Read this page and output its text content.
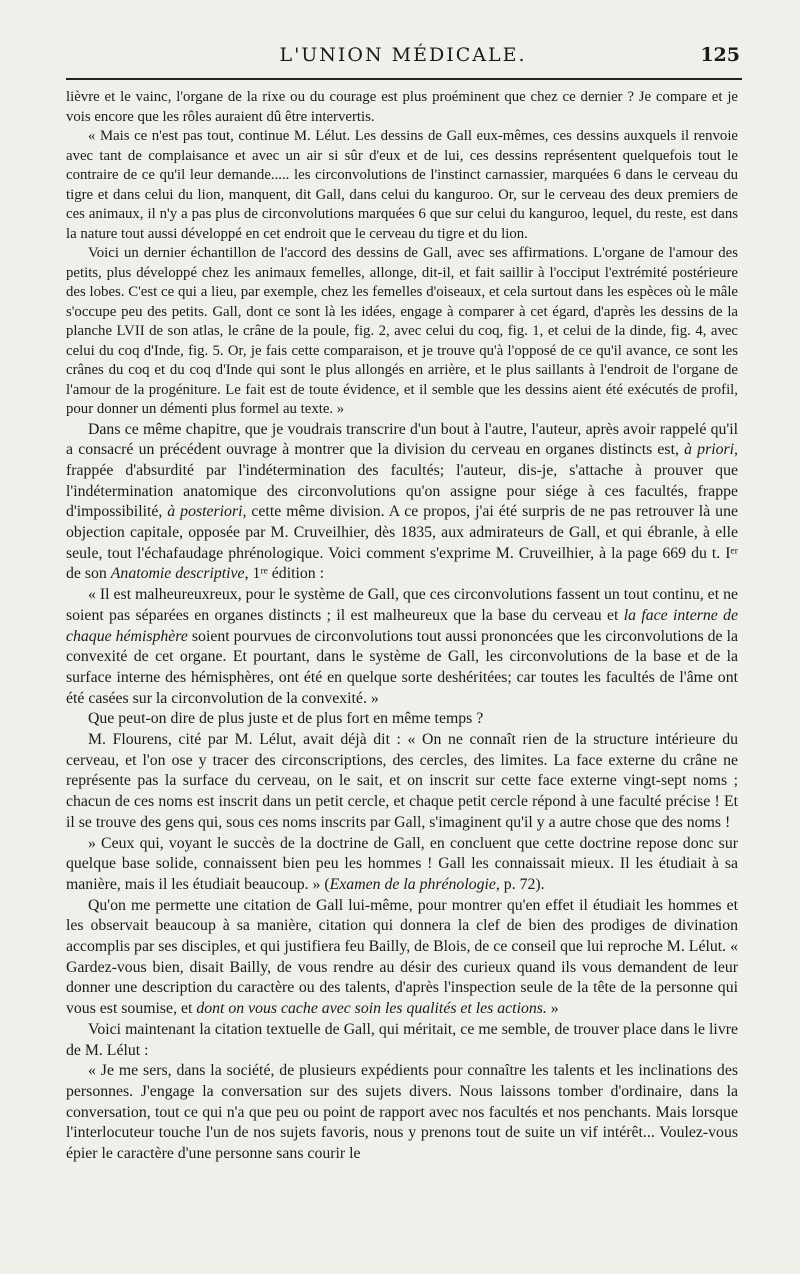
L'UNION MÉDICALE.	125

lièvre et le vainc, l'organe de la rixe ou du courage est plus proéminent que chez ce dernier ? Je compare et je vois encore que les rôles auraient dû être intervertis.

« Mais ce n'est pas tout, continue M. Lélut. Les dessins de Gall eux-mêmes, ces dessins auxquels il renvoie avec tant de complaisance et avec un air si sûr d'eux et de lui, ces dessins représentent quelquefois tout le contraire de ce qu'il leur demande..... les circonvolutions de l'instinct carnassier, marquées 6 dans le cerveau du tigre et dans celui du lion, manquent, dit Gall, dans celui du kanguroo. Or, sur le cerveau des deux premiers de ces animaux, il n'y a pas plus de circonvolutions marquées 6 que sur celui du kanguroo, lequel, du reste, est dans la nature tout aussi développé en cet endroit que le cerveau du tigre et du lion.

Voici un dernier échantillon de l'accord des dessins de Gall, avec ses affirmations. L'organe de l'amour des petits, plus développé chez les animaux femelles, allonge, dit-il, et fait saillir à l'occiput l'extrémité postérieure des lobes. C'est ce qui a lieu, par exemple, chez les femelles d'oiseaux, et cela surtout dans les espèces où le mâle s'occupe peu des petits. Gall, dont ce sont là les idées, engage à comparer à cet égard, d'après les dessins de la planche LVII de son atlas, le crâne de la poule, fig. 2, avec celui du coq, fig. 1, et celui de la dinde, fig. 4, avec celui du coq d'Inde, fig. 5. Or, je fais cette comparaison, et je trouve qu'à l'opposé de ce qu'il avance, ce sont les crânes du coq et du coq d'Inde qui sont le plus allongés en arrière, et le plus saillants à l'endroit de l'organe de l'amour de la progéniture. Le fait est de toute évidence, et il semble que les dessins aient été exécutés de profil, pour donner un démenti plus formel au texte. »

Dans ce même chapitre, que je voudrais transcrire d'un bout à l'autre, l'auteur, après avoir rappelé qu'il a consacré un précédent ouvrage à montrer que la division du cerveau en organes distincts est, à priori, frappée d'absurdité par l'indétermination des facultés; l'auteur, dis-je, s'attache à prouver que l'indétermination anatomique des circonvolutions qu'on assigne pour siége à ces facultés, frappe d'impossibilité, à posteriori, cette même division. A ce propos, j'ai été surpris de ne pas retrouver là une objection capitale, opposée par M. Cruveilhier, dès 1835, aux admirateurs de Gall, et qui ébranle, à elle seule, tout l'échafaudage phrénologique. Voici comment s'exprime M. Cruveilhier, à la page 669 du t. Iᵉʳ de son Anatomie descriptive, 1ʳᵉ édition :

« Il est malheureuxreux, pour le système de Gall, que ces circonvolutions fassent un tout continu, et ne soient pas séparées en organes distincts ; il est malheureux que la base du cerveau et la face interne de chaque hémisphère soient pourvues de circonvolutions tout aussi prononcées que les circonvolutions de la convexité de cet organe. Et pourtant, dans le système de Gall, les circonvolutions de la base et de la surface interne des hémisphères, ont été en quelque sorte deshéritées; car toutes les facultés de l'âme ont été casées sur la circonvolution de la convexité. »

Que peut-on dire de plus juste et de plus fort en même temps ?

M. Flourens, cité par M. Lélut, avait déjà dit : « On ne connaît rien de la structure intérieure du cerveau, et l'on ose y tracer des circonscriptions, des cercles, des limites. La face externe du crâne ne représente pas la surface du cerveau, on le sait, et on inscrit sur cette face externe vingt-sept noms ; chacun de ces noms est inscrit dans un petit cercle, et chaque petit cercle répond à une faculté précise ! Et il se trouve des gens qui, sous ces noms inscrits par Gall, s'imaginent qu'il y a autre chose que des noms !

» Ceux qui, voyant le succès de la doctrine de Gall, en concluent que cette doctrine repose donc sur quelque base solide, connaissent bien peu les hommes ! Gall les connaissait mieux. Il les étudiait à sa manière, mais il les étudiait beaucoup. » (Examen de la phrénologie, p. 72).

Qu'on me permette une citation de Gall lui-même, pour montrer qu'en effet il étudiait les hommes et les observait beaucoup à sa manière, citation qui donnera la clef de bien des prodiges de divination accomplis par ses disciples, et qui justifiera feu Bailly, de Blois, de ce conseil que lui reproche M. Lélut. « Gardez-vous bien, disait Bailly, de vous rendre au désir des curieux quand ils vous demandent de leur donner une description du caractère ou des talents, d'après l'inspection seule de la tête de la personne qui vous est soumise, et dont on vous cache avec soin les qualités et les actions. »

Voici maintenant la citation textuelle de Gall, qui méritait, ce me semble, de trouver place dans le livre de M. Lélut :

« Je me sers, dans la société, de plusieurs expédients pour connaître les talents et les inclinations des personnes. J'engage la conversation sur des sujets divers. Nous laissons tomber d'ordinaire, dans la conversation, tout ce qui n'a que peu ou point de rapport avec nos facultés et nos penchants. Mais lorsque l'interlocuteur touche l'un de nos sujets favoris, nous y prenons tout de suite un vif intérêt... Voulez-vous épier le caractère d'une personne sans courir le
